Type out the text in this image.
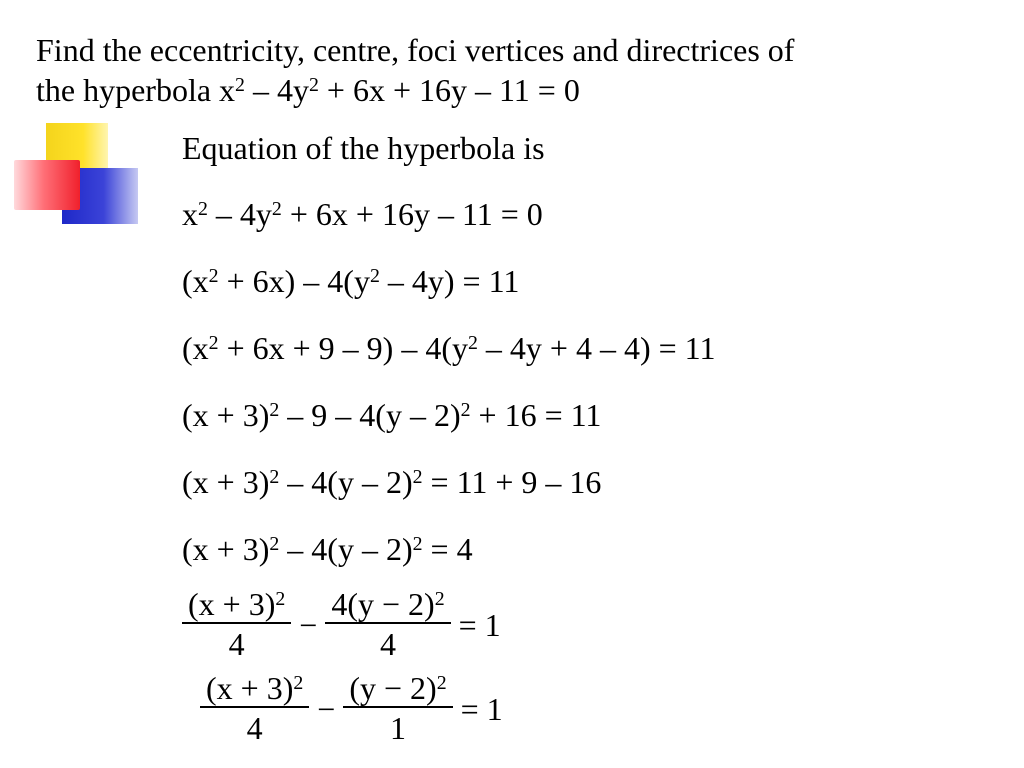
Find the eccentricity, centre, foci vertices and directrices of
the hyperbola $x^2 - 4y^2 + 6x + 16y - 11 = 0$
Equation of the hyperbola is
$x^2 - 4y^2 + 6x + 16y - 11 = 0$
$(x^2 + 6x) - 4(y^2 - 4y) = 11$
$(x^2 + 6x + 9 - 9) - 4(y^2 - 4y + 4 - 4) = 11$
$(x + 3)^2 - 9 - 4(y - 2)^2 + 16 = 11$
$(x + 3)^2 - 4(y - 2)^2 = 11 + 9 - 16$
$(x + 3)^2 - 4(y - 2)^2 = 4$
$\frac{(x + 3)^2}{4} - \frac{4(y - 2)^2}{4} = 1$
$\frac{(x + 3)^2}{4} - \frac{(y - 2)^2}{1} = 1$
